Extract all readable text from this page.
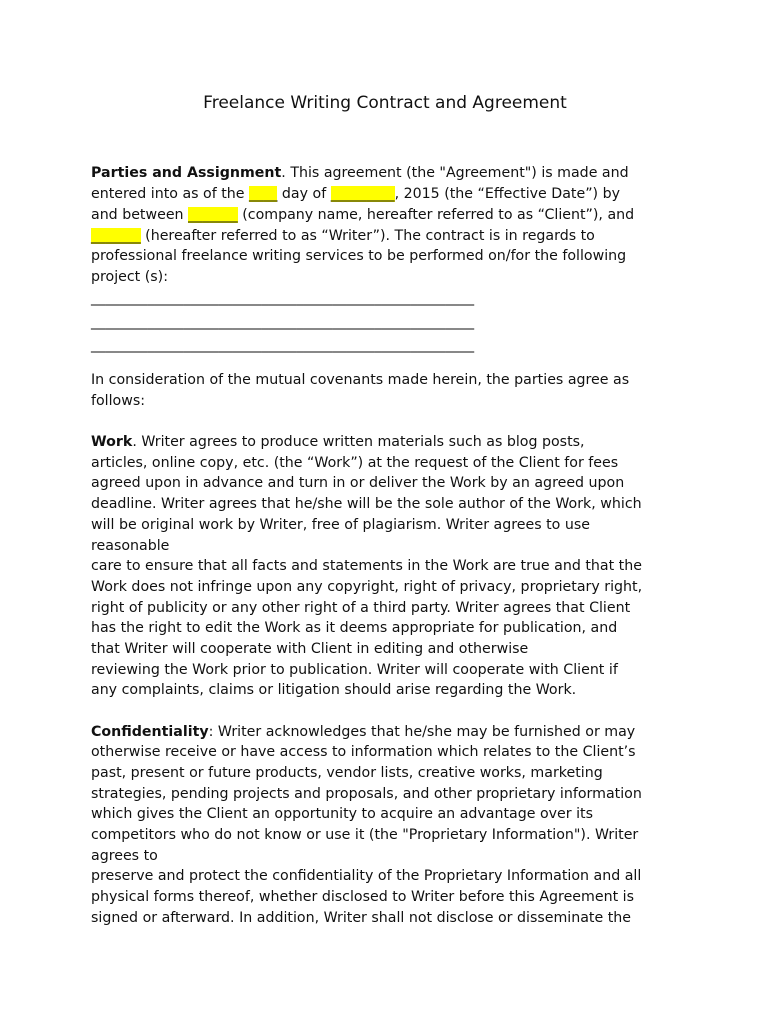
Freelance Writing Contract and Agreement
Parties and Assignment. This agreement (the "Agreement") is made and
entered into as of the ____ day of _________, 2015 (the “Effective Date”) by
and between _______ (company name, hereafter referred to as “Client”), and
_______ (hereafter referred to as “Writer”). The contract is in regards to
professional freelance writing services to be performed on/for the following
project (s):
______________________________________________________
______________________________________________________
______________________________________________________
In consideration of the mutual covenants made herein, the parties agree as
follows:
Work. Writer agrees to produce written materials such as blog posts,
articles, online copy, etc. (the “Work”) at the request of the Client for fees
agreed upon in advance and turn in or deliver the Work by an agreed upon
deadline. Writer agrees that he/she will be the sole author of the Work, which
will be original work by Writer, free of plagiarism. Writer agrees to use
reasonable
care to ensure that all facts and statements in the Work are true and that the
Work does not infringe upon any copyright, right of privacy, proprietary right,
right of publicity or any other right of a third party. Writer agrees that Client
has the right to edit the Work as it deems appropriate for publication, and
that Writer will cooperate with Client in editing and otherwise
reviewing the Work prior to publication. Writer will cooperate with Client if
any complaints, claims or litigation should arise regarding the Work.
Confidentiality: Writer acknowledges that he/she may be furnished or may
otherwise receive or have access to information which relates to the Client’s
past, present or future products, vendor lists, creative works, marketing
strategies, pending projects and proposals, and other proprietary information
which gives the Client an opportunity to acquire an advantage over its
competitors who do not know or use it (the "Proprietary Information"). Writer
agrees to
preserve and protect the confidentiality of the Proprietary Information and all
physical forms thereof, whether disclosed to Writer before this Agreement is
signed or afterward. In addition, Writer shall not disclose or disseminate the
